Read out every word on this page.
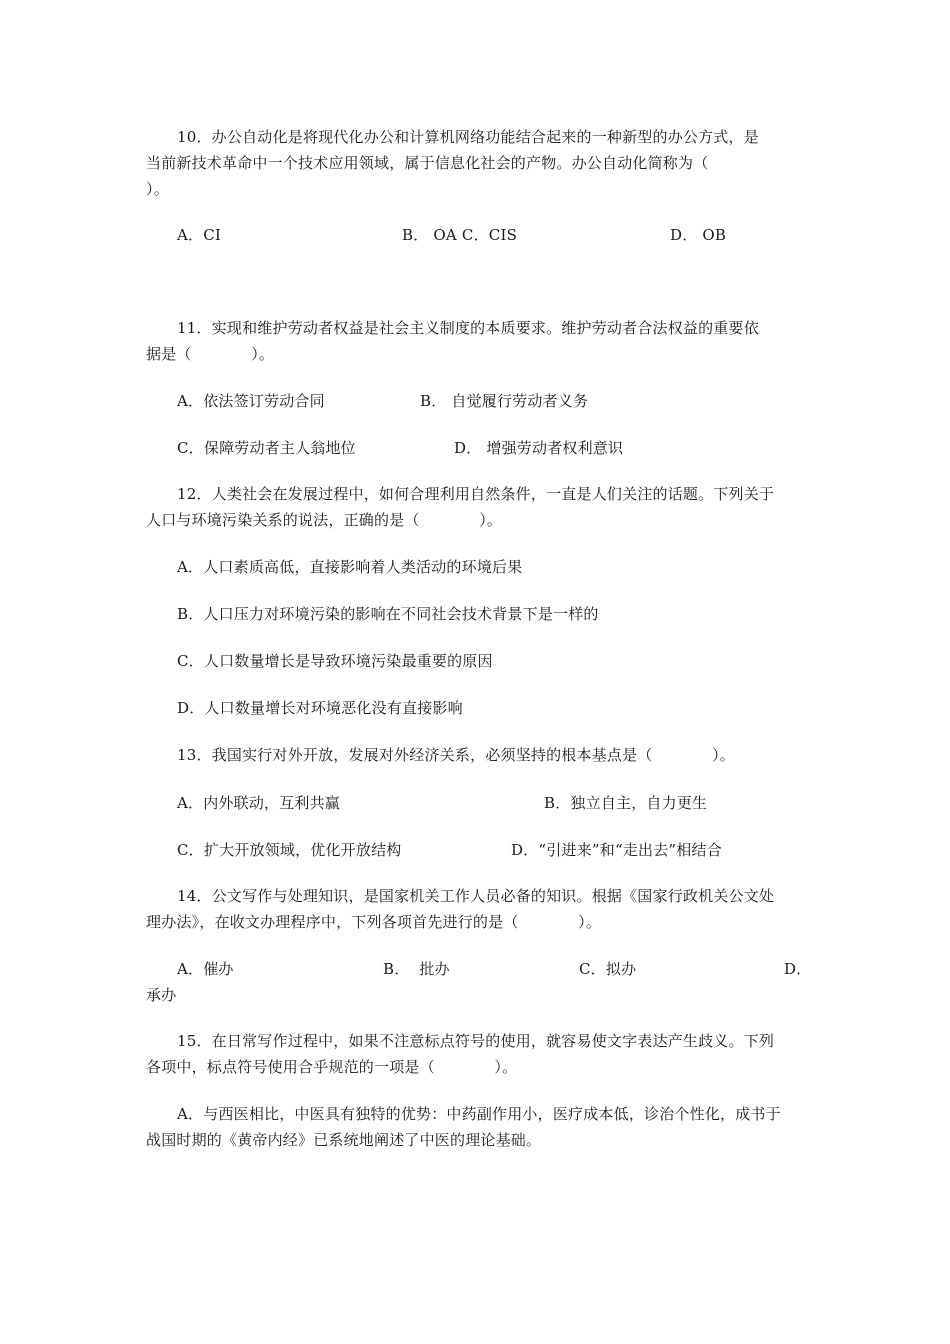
10．办公自动化是将现代化办公和计算机网络功能结合起来的一种新型的办公方式，是
当前新技术革命中一个技术应用领域，属于信息化社会的产物。办公自动化简称为（
）。
A．CI	B． OA C．CIS	D． OB
11．实现和维护劳动者权益是社会主义制度的本质要求。维护劳动者合法权益的重要依
据是（            ）。
A．依法签订劳动合同	B． 自觉履行劳动者义务
C．保障劳动者主人翁地位	D． 增强劳动者权利意识
12．人类社会在发展过程中，如何合理利用自然条件，一直是人们关注的话题。下列关于
人口与环境污染关系的说法，正确的是（            ）。
A．人口素质高低，直接影响着人类活动的环境后果
B．人口压力对环境污染的影响在不同社会技术背景下是一样的
C．人口数量增长是导致环境污染最重要的原因
D．人口数量增长对环境恶化没有直接影响
13．我国实行对外开放，发展对外经济关系，必须坚持的根本基点是（            ）。
A．内外联动，互利共赢	B．独立自主，自力更生
C．扩大开放领域，优化开放结构	D．“引进来”和“走出去”相结合
14．公文写作与处理知识，是国家机关工作人员必备的知识。根据《国家行政机关公文处
理办法》，在收文办理程序中，下列各项首先进行的是（            ）。
A．催办	B．  批办	C．拟办	D．
承办
15．在日常写作过程中，如果不注意标点符号的使用，就容易使文字表达产生歧义。下列
各项中，标点符号使用合乎规范的一项是（            ）。
A．与西医相比，中医具有独特的优势：中药副作用小，医疗成本低，诊治个性化，成书于
战国时期的《黄帝内经》已系统地阐述了中医的理论基础。
